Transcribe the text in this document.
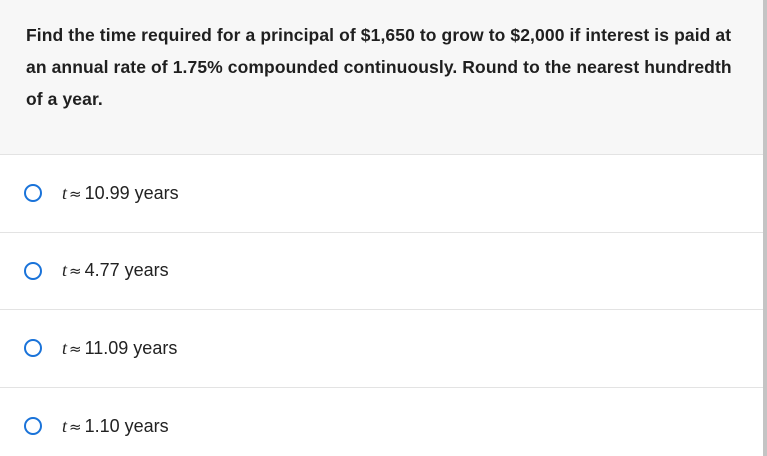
Find the time required for a principal of $1,650 to grow to $2,000 if interest is paid at an annual rate of 1.75% compounded continuously. Round to the nearest hundredth of a year.

t ≈ 10.99 years
t ≈ 4.77 years
t ≈ 11.09 years
t ≈ 1.10 years
